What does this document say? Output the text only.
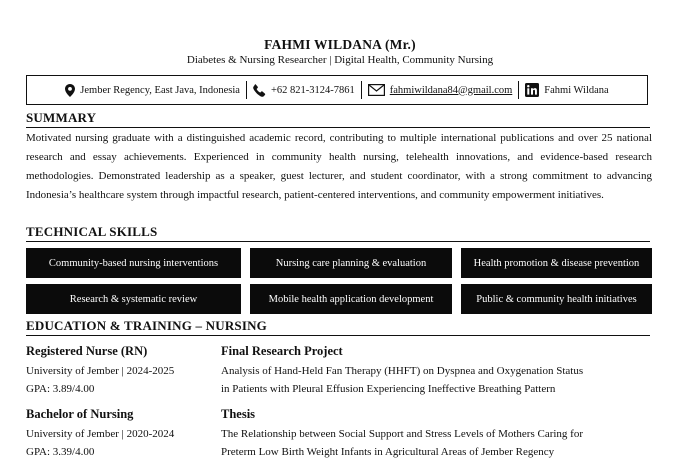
FAHMI WILDANA (Mr.)
Diabetes & Nursing Researcher | Digital Health, Community Nursing
Jember Regency, East Java, Indonesia	+62 821-3124-7861	fahmiwildana84@gmail.com	Fahmi Wildana
SUMMARY
Motivated nursing graduate with a distinguished academic record, contributing to multiple international publications and over 25 national research and essay achievements. Experienced in community health nursing, telehealth innovations, and evidence-based research methodologies. Demonstrated leadership as a speaker, guest lecturer, and student coordinator, with a strong commitment to advancing Indonesia’s healthcare system through impactful research, patient-centered interventions, and community empowerment initiatives.
TECHNICAL SKILLS
Community-based nursing interventions	Nursing care planning & evaluation	Health promotion & disease prevention
Research & systematic review	Mobile health application development	Public & community health initiatives
EDUCATION & TRAINING – NURSING
Registered Nurse (RN)
University of Jember | 2024-2025
GPA: 3.89/4.00
Final Research Project
Analysis of Hand-Held Fan Therapy (HHFT) on Dyspnea and Oxygenation Status
in Patients with Pleural Effusion Experiencing Ineffective Breathing Pattern
Bachelor of Nursing
University of Jember | 2020-2024
GPA: 3.39/4.00
Thesis
The Relationship between Social Support and Stress Levels of Mothers Caring for
Preterm Low Birth Weight Infants in Agricultural Areas of Jember Regency
